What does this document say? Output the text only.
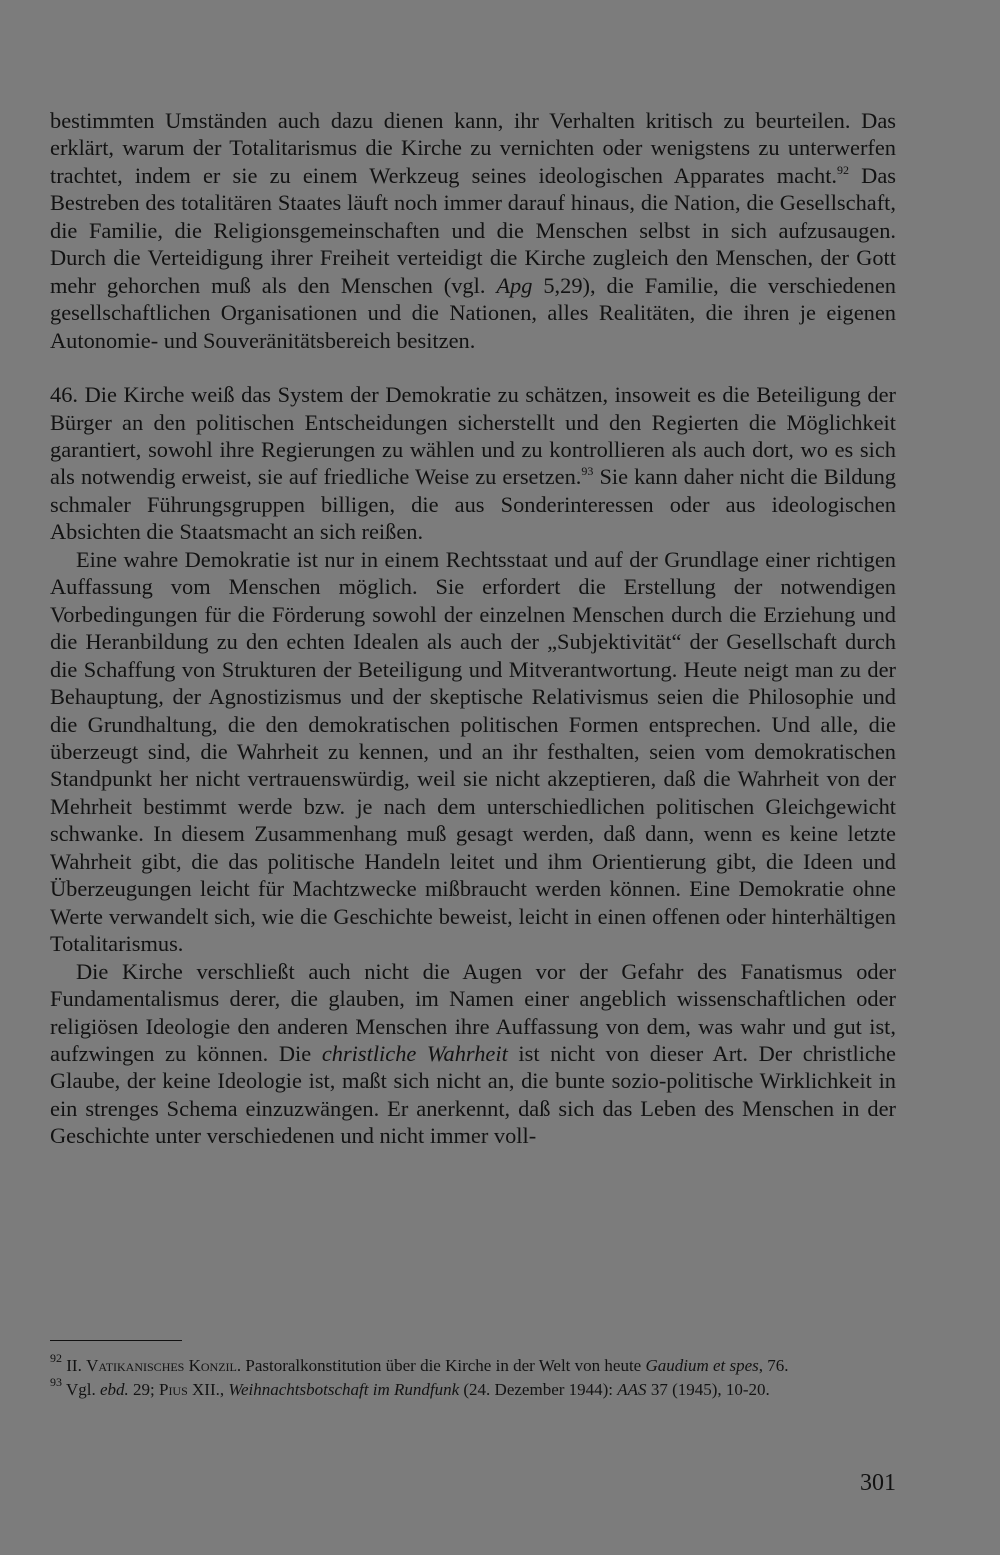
bestimmten Umständen auch dazu dienen kann, ihr Verhalten kritisch zu beurteilen. Das erklärt, warum der Totalitarismus die Kirche zu vernichten oder wenigstens zu unterwerfen trachtet, indem er sie zu einem Werkzeug seines ideologischen Apparates macht.$^{92}$ Das Bestreben des totalitären Staates läuft noch immer darauf hinaus, die Nation, die Gesellschaft, die Familie, die Religionsgemeinschaften und die Menschen selbst in sich aufzusaugen. Durch die Verteidigung ihrer Freiheit verteidigt die Kirche zugleich den Menschen, der Gott mehr gehorchen muß als den Menschen (vgl. Apg 5,29), die Familie, die verschiedenen gesellschaftlichen Organisationen und die Nationen, alles Realitäten, die ihren je eigenen Autonomie- und Souveränitätsbereich besitzen.

46. Die Kirche weiß das System der Demokratie zu schätzen, insoweit es die Beteiligung der Bürger an den politischen Entscheidungen sicherstellt und den Regierten die Möglichkeit garantiert, sowohl ihre Regierungen zu wählen und zu kontrollieren als auch dort, wo es sich als notwendig erweist, sie auf friedliche Weise zu ersetzen.$^{93}$ Sie kann daher nicht die Bildung schmaler Führungsgruppen billigen, die aus Sonderinteressen oder aus ideologischen Absichten die Staatsmacht an sich reißen.

Eine wahre Demokratie ist nur in einem Rechtsstaat und auf der Grundlage einer richtigen Auffassung vom Menschen möglich. Sie erfordert die Erstellung der notwendigen Vorbedingungen für die Förderung sowohl der einzelnen Menschen durch die Erziehung und die Heranbildung zu den echten Idealen als auch der „Subjektivität“ der Gesellschaft durch die Schaffung von Strukturen der Beteiligung und Mitverantwortung. Heute neigt man zu der Behauptung, der Agnostizismus und der skeptische Relativismus seien die Philosophie und die Grundhaltung, die den demokratischen politischen Formen entsprechen. Und alle, die überzeugt sind, die Wahrheit zu kennen, und an ihr festhalten, seien vom demokratischen Standpunkt her nicht vertrauenswürdig, weil sie nicht akzeptieren, daß die Wahrheit von der Mehrheit bestimmt werde bzw. je nach dem unterschiedlichen politischen Gleichgewicht schwanke. In diesem Zusammenhang muß gesagt werden, daß dann, wenn es keine letzte Wahrheit gibt, die das politische Handeln leitet und ihm Orientierung gibt, die Ideen und Überzeugungen leicht für Machtzwecke mißbraucht werden können. Eine Demokratie ohne Werte verwandelt sich, wie die Geschichte beweist, leicht in einen offenen oder hinterhältigen Totalitarismus.

Die Kirche verschließt auch nicht die Augen vor der Gefahr des Fanatismus oder Fundamentalismus derer, die glauben, im Namen einer angeblich wissenschaftlichen oder religiösen Ideologie den anderen Menschen ihre Auffassung von dem, was wahr und gut ist, aufzwingen zu können. Die christliche Wahrheit ist nicht von dieser Art. Der christliche Glaube, der keine Ideologie ist, maßt sich nicht an, die bunte sozio-politische Wirklichkeit in ein strenges Schema einzuzwängen. Er anerkennt, daß sich das Leben des Menschen in der Geschichte unter verschiedenen und nicht immer voll-

$^{92}$ II. Vatikanisches Konzil. Pastoralkonstitution über die Kirche in der Welt von heute Gaudium et spes, 76.

$^{93}$ Vgl. ebd. 29; Pius XII., Weihnachtsbotschaft im Rundfunk (24. Dezember 1944): AAS 37 (1945), 10-20.

301
